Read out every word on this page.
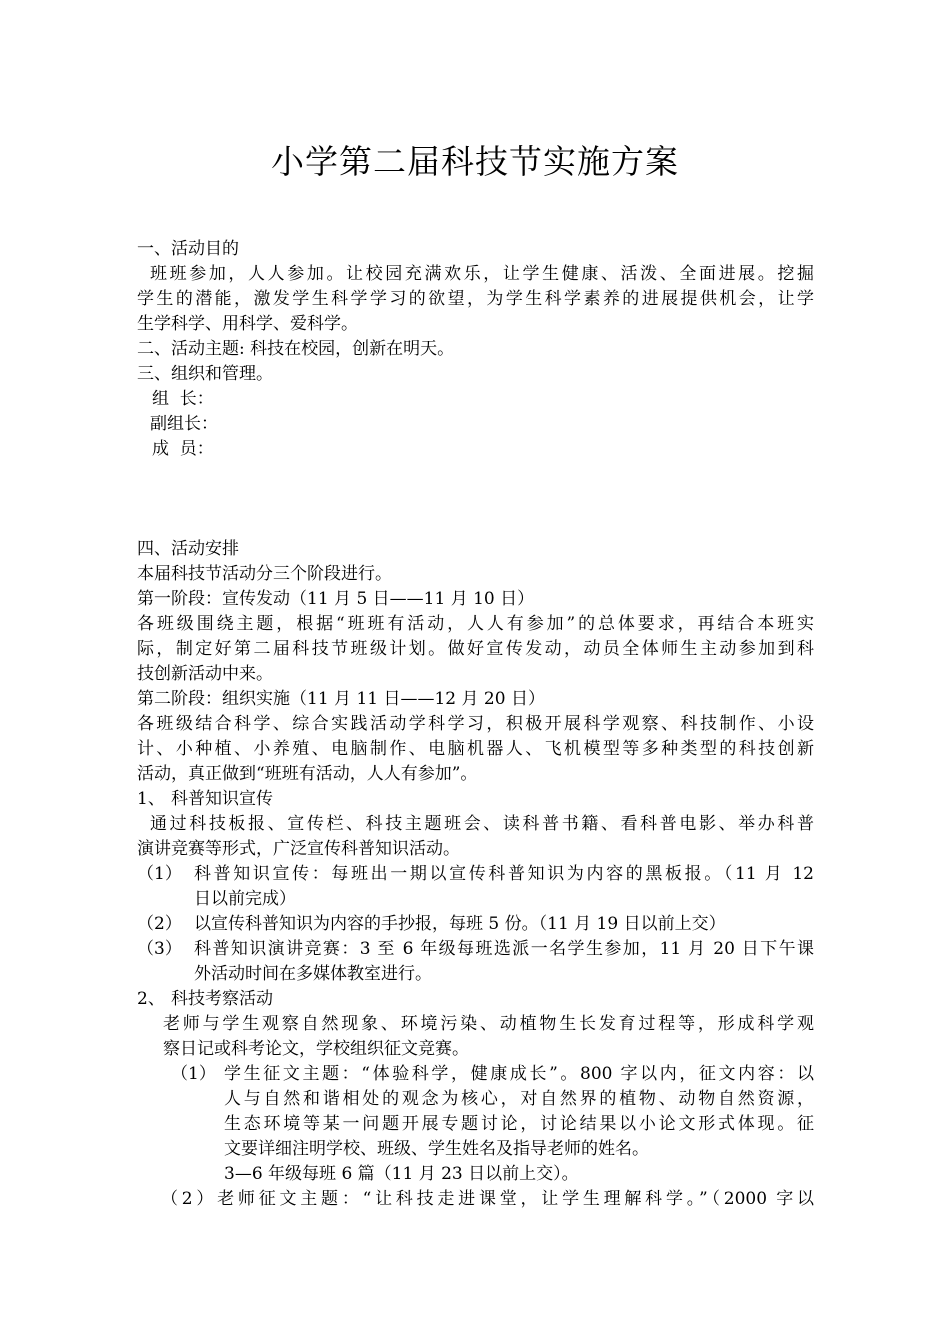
小学第二届科技节实施方案
一、活动目的
班班参加，人人参加。让校园充满欢乐，让学生健康、活泼、全面进展。挖掘
学生的潜能，激发学生科学学习的欲望，为学生科学素养的进展提供机会，让学
生学科学、用科学、爱科学。
二、活动主题: 科技在校园，创新在明天。
三、组织和管理。
组  长：
副组长：
成  员：
四、活动安排
本届科技节活动分三个阶段进行。
第一阶段：宣传发动（11 月 5 日——11 月 10 日）
各班级围绕主题，根据“班班有活动，人人有参加”的总体要求，再结合本班实
际，制定好第二届科技节班级计划。做好宣传发动，动员全体师生主动参加到科
技创新活动中来。
第二阶段：组织实施（11 月 11 日——12 月 20 日）
各班级结合科学、综合实践活动学科学习，积极开展科学观察、科技制作、小设
计、小种植、小养殖、电脑制作、电脑机器人、飞机模型等多种类型的科技创新
活动，真正做到“班班有活动，人人有参加”。
1、 科普知识宣传
通过科技板报、宣传栏、科技主题班会、读科普书籍、看科普电影、举办科普
演讲竞赛等形式，广泛宣传科普知识活动。
（1） 科普知识宣传：每班出一期以宣传科普知识为内容的黑板报。（11 月 12
日以前完成）
（2） 以宣传科普知识为内容的手抄报，每班 5 份。（11 月 19 日以前上交）
（3） 科普知识演讲竞赛：3 至 6 年级每班选派一名学生参加，11 月 20 日下午课
外活动时间在多媒体教室进行。
2、 科技考察活动
老师与学生观察自然现象、环境污染、动植物生长发育过程等，形成科学观
察日记或科考论文，学校组织征文竞赛。
（1） 学生征文主题：“体验科学，健康成长”。800 字以内，征文内容：以
人与自然和谐相处的观念为核心，对自然界的植物、动物自然资源，
生态环境等某一问题开展专题讨论，讨论结果以小论文形式体现。征
文要详细注明学校、班级、学生姓名及指导老师的姓名。
3—6 年级每班 6 篇（11 月 23 日以前上交）。
（2）老师征文主题：“让科技走进课堂，让学生理解科学。”（2000 字以
